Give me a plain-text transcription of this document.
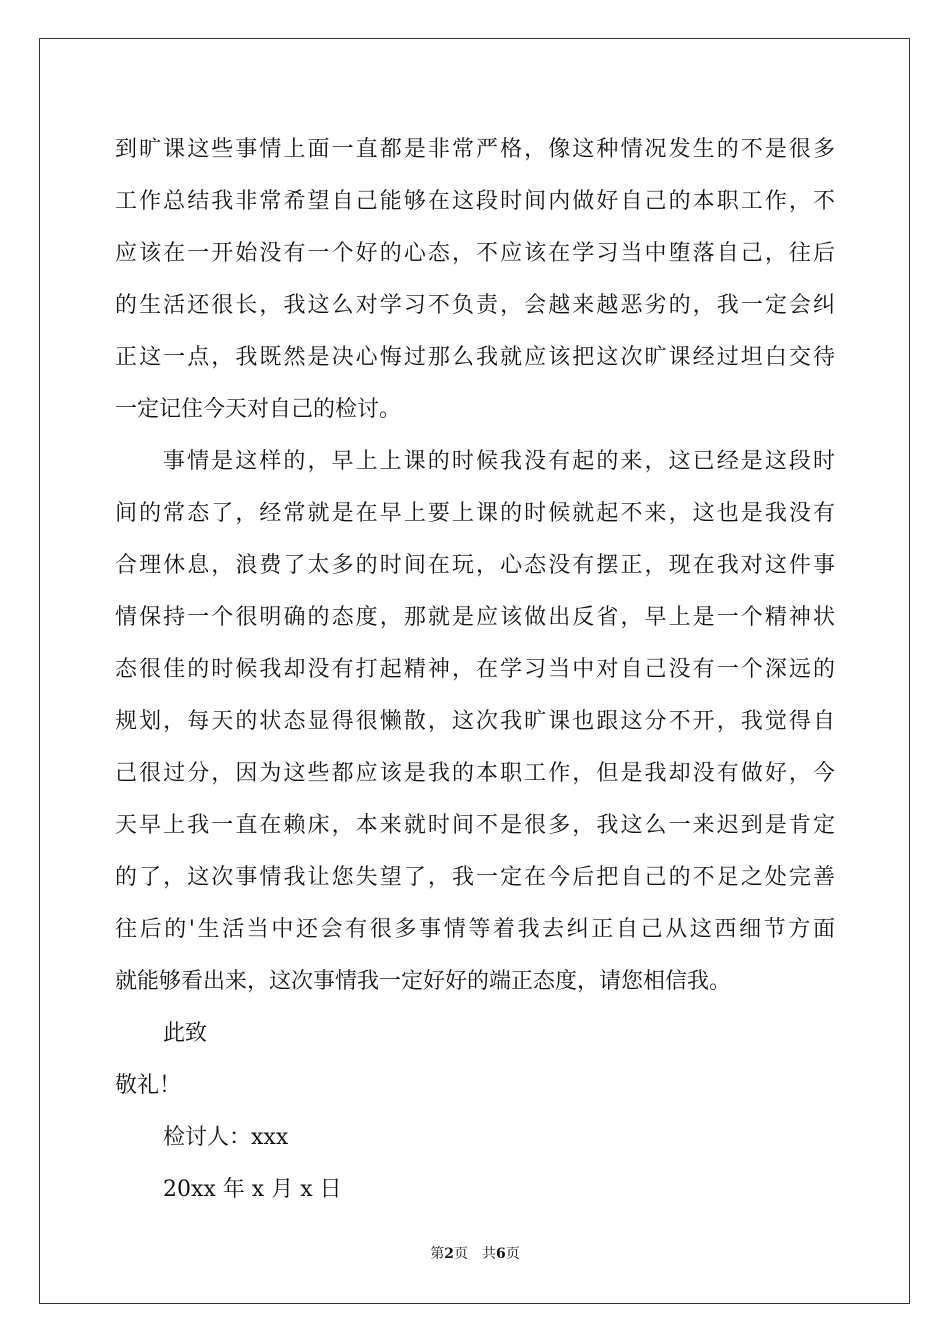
到旷课这些事情上面一直都是非常严格，像这种情况发生的不是很多
工作总结我非常希望自己能够在这段时间内做好自己的本职工作，不
应该在一开始没有一个好的心态，不应该在学习当中堕落自己，往后
的生活还很长，我这么对学习不负责，会越来越恶劣的，我一定会纠
正这一点，我既然是决心悔过那么我就应该把这次旷课经过坦白交待
一定记住今天对自己的检讨。
事情是这样的，早上上课的时候我没有起的来，这已经是这段时
间的常态了，经常就是在早上要上课的时候就起不来，这也是我没有
合理休息，浪费了太多的时间在玩，心态没有摆正，现在我对这件事
情保持一个很明确的态度，那就是应该做出反省，早上是一个精神状
态很佳的时候我却没有打起精神，在学习当中对自己没有一个深远的
规划，每天的状态显得很懒散，这次我旷课也跟这分不开，我觉得自
己很过分，因为这些都应该是我的本职工作，但是我却没有做好，今
天早上我一直在赖床，本来就时间不是很多，我这么一来迟到是肯定
的了，这次事情我让您失望了，我一定在今后把自己的不足之处完善
往后的'生活当中还会有很多事情等着我去纠正自己从这西细节方面
就能够看出来，这次事情我一定好好的端正态度，请您相信我。
此致
敬礼！
检讨人：xxx
20xx 年 x 月 x 日
第2页　共6页
